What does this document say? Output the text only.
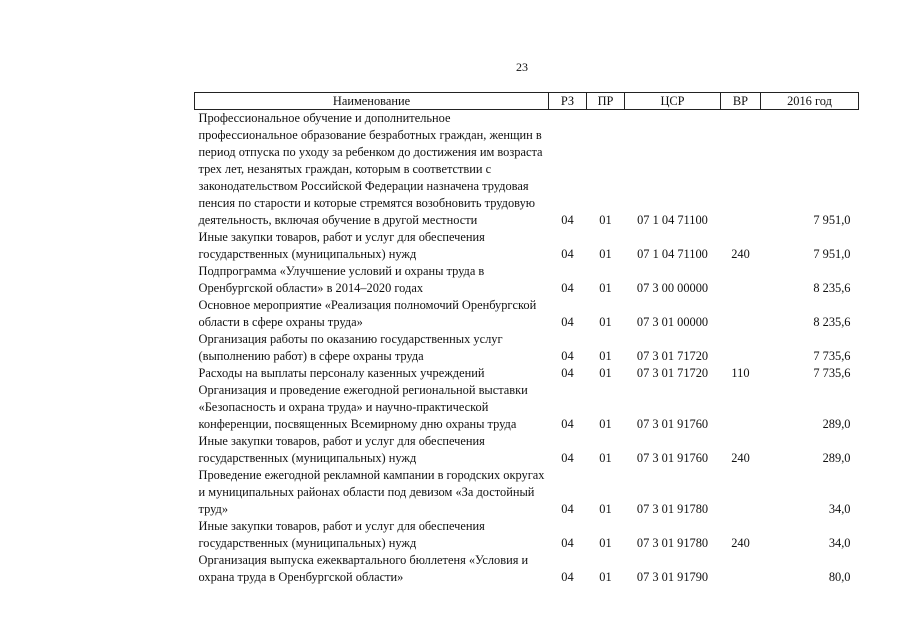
23
Наименование	РЗ	ПР	ЦСР	ВР	2016 год
Профессиональное обучение и дополнительное профессиональное образование безработных граждан, женщин в период отпуска по уходу за ребенком до достижения им возраста трех лет, незанятых граждан, которым в соответствии с законодательством Российской Федерации назначена трудовая пенсия по старости и которые стремятся возобновить трудовую деятельность, включая обучение в другой местности	04	01	07 1 04 71100		7 951,0
Иные закупки товаров, работ и услуг для обеспечения государственных (муниципальных) нужд	04	01	07 1 04 71100	240	7 951,0
Подпрограмма «Улучшение условий и охраны труда в Оренбургской области» в 2014–2020 годах	04	01	07 3 00 00000		8 235,6
Основное мероприятие «Реализация полномочий Оренбургской области в сфере охраны труда»	04	01	07 3 01 00000		8 235,6
Организация работы по оказанию государственных услуг (выполнению работ) в сфере охраны труда	04	01	07 3 01 71720		7 735,6
Расходы на выплаты персоналу казенных учреждений	04	01	07 3 01 71720	110	7 735,6
Организация и проведение ежегодной региональной выставки «Безопасность и охрана труда» и научно-практической конференции, посвященных Всемирному дню охраны труда	04	01	07 3 01 91760		289,0
Иные закупки товаров, работ и услуг для обеспечения государственных (муниципальных) нужд	04	01	07 3 01 91760	240	289,0
Проведение ежегодной рекламной кампании в городских округах и муниципальных районах области под девизом «За достойный труд»	04	01	07 3 01 91780		34,0
Иные закупки товаров, работ и услуг для обеспечения государственных (муниципальных) нужд	04	01	07 3 01 91780	240	34,0
Организация выпуска ежеквартального бюллетеня «Условия и охрана труда в Оренбургской области»	04	01	07 3 01 91790		80,0
